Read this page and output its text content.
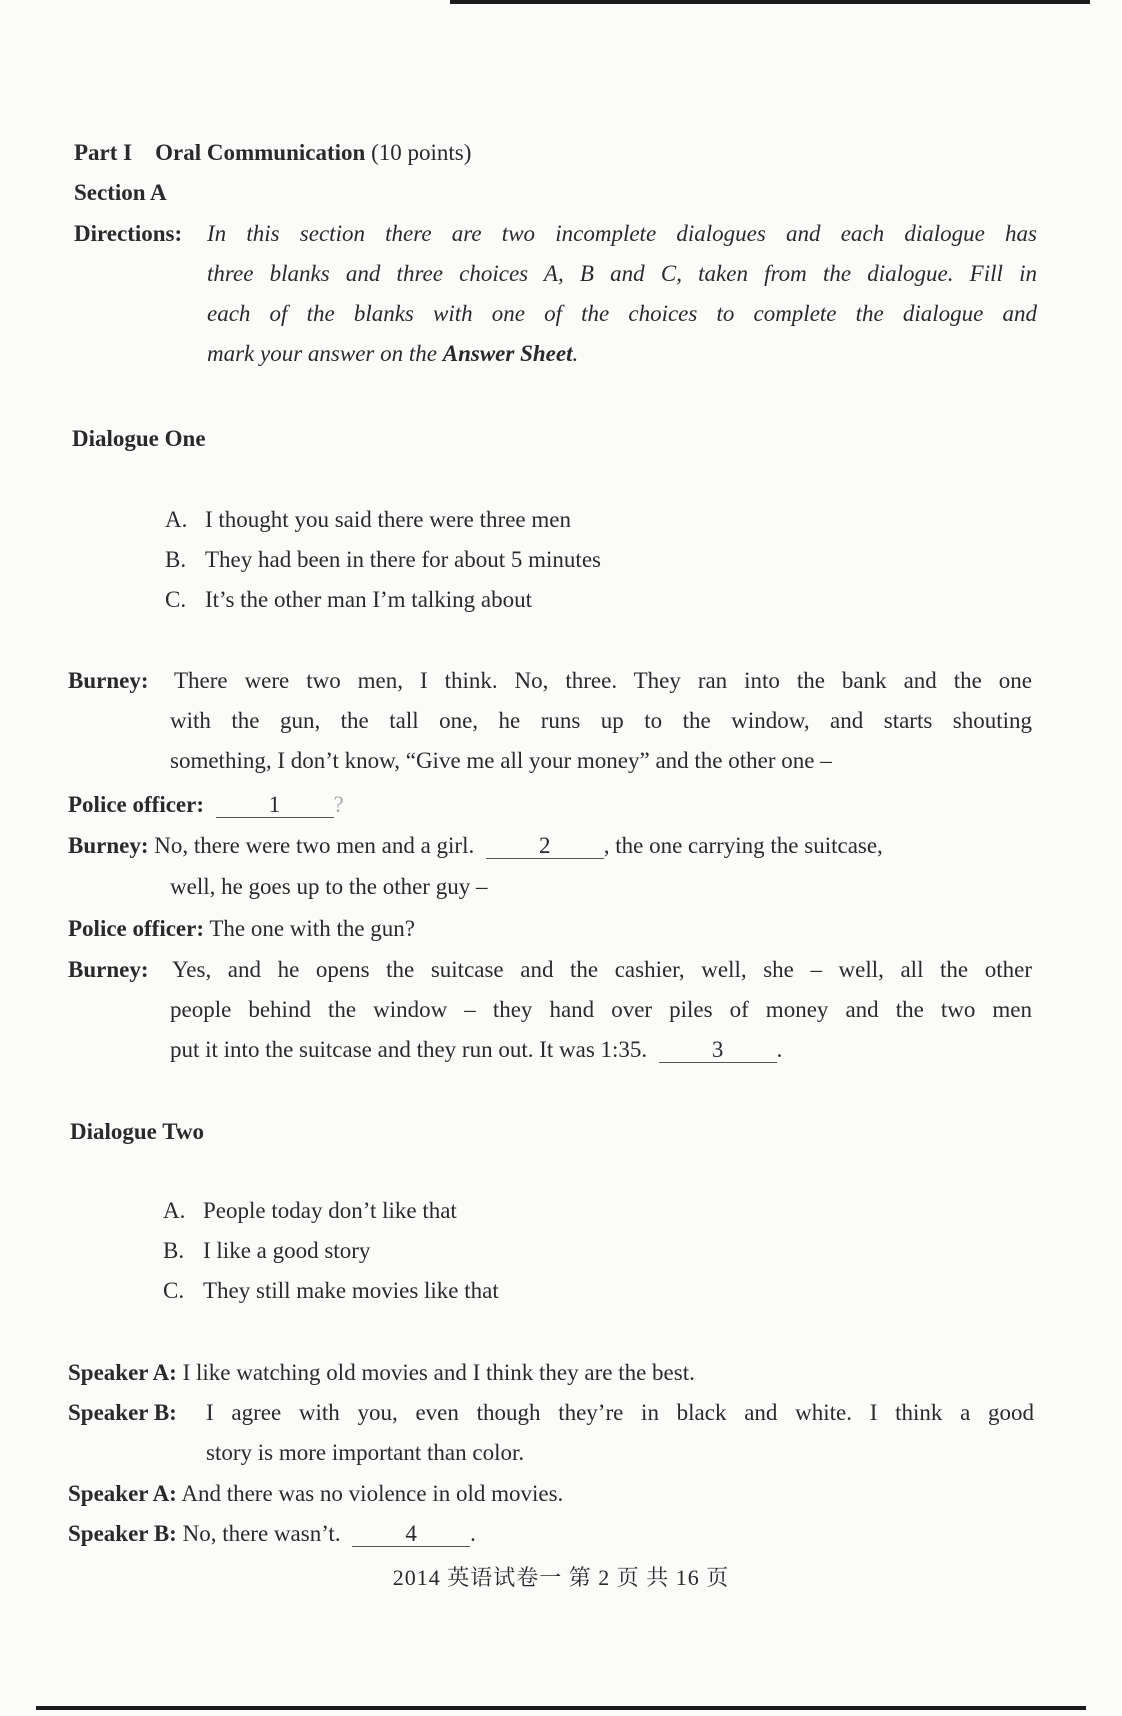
Part I Oral Communication (10 points)
Section A
Directions: In this section there are two incomplete dialogues and each dialogue has
three blanks and three choices A, B and C, taken from the dialogue. Fill in
each of the blanks with one of the choices to complete the dialogue and
mark your answer on the Answer Sheet.
Dialogue One
A. I thought you said there were three men
B. They had been in there for about 5 minutes
C. It’s the other man I’m talking about
Burney: There were two men, I think. No, three. They ran into the bank and the one
with the gun, the tall one, he runs up to the window, and starts shouting
something, I don’t know, “Give me all your money” and the other one –
Police officer:	1 ?
Burney: No, there were two men and a girl.	2 , the one carrying the suitcase,
well, he goes up to the other guy –
Police officer: The one with the gun?
Burney: Yes, and he opens the suitcase and the cashier, well, she – well, all the other
people behind the window – they hand over piles of money and the two men
put it into the suitcase and they run out. It was 1:35.	3 .
Dialogue Two
A. People today don’t like that
B. I like a good story
C. They still make movies like that
Speaker A: I like watching old movies and I think they are the best.
Speaker B: I agree with you, even though they’re in black and white. I think a good
story is more important than color.
Speaker A: And there was no violence in old movies.
Speaker B: No, there wasn’t.	4 .
2014 英语试卷一 第 2 页 共 16 页
